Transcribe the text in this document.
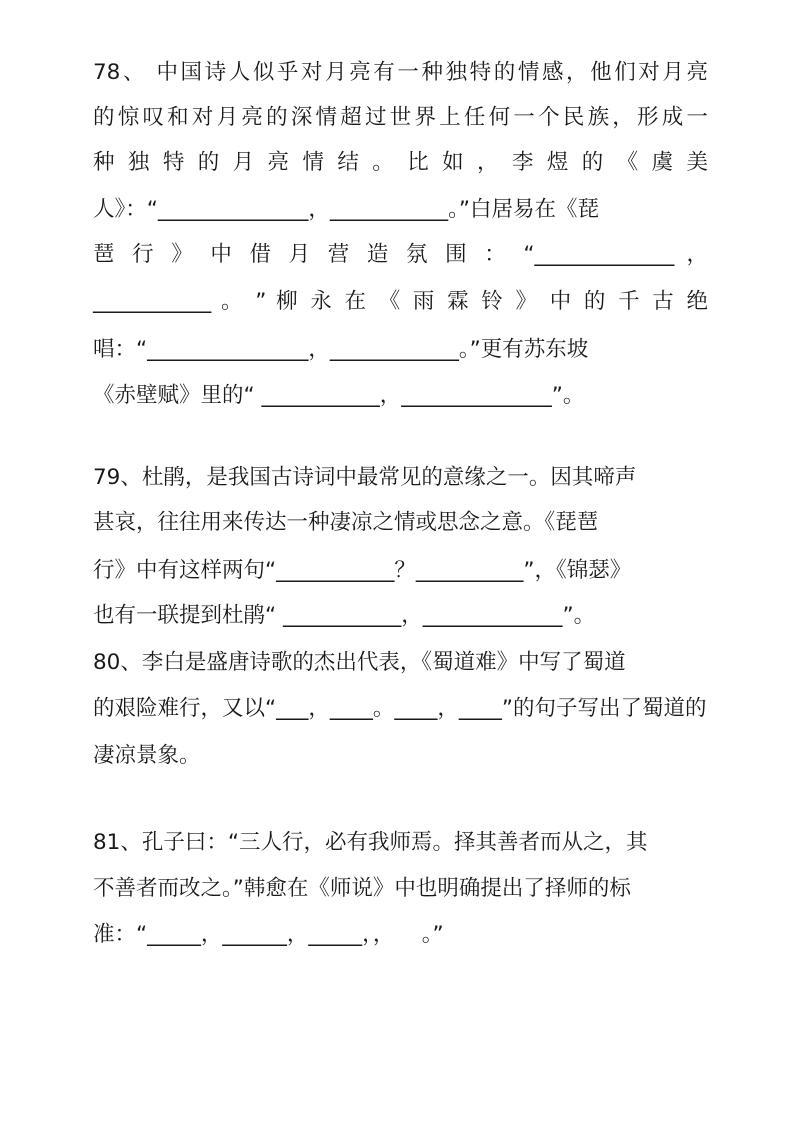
78、 中国诗人似乎对月亮有一种独特的情感，他们对月亮
的惊叹和对月亮的深情超过世界上任何一个民族，形成一
种 独 特 的 月 亮 情 结 。 比 如 ， 李 煜 的 《 虞 美
人》：“______________，___________。”白居易在《琵
琶 行 》 中 借 月 营 造 氛 围 ： “_____________ ，
___________ 。 ” 柳 永 在 《 雨 霖 铃 》 中 的 千 古 绝
唱：“_______________，____________。”更有苏东坡
《赤壁赋》里的“ ___________，______________”。
79、杜鹃，是我国古诗词中最常见的意缘之一。因其啼声
甚哀，往往用来传达一种凄凉之情或思念之意。《琵琶
行》中有这样两句“___________？__________”，《锦瑟》
也有一联提到杜鹃“ ___________，_____________”。
80、李白是盛唐诗歌的杰出代表，《蜀道难》中写了蜀道
的艰险难行，又以“___，____。____，____”的句子写出了蜀道的
凄凉景象。
81、孔子曰：“三人行，必有我师焉。择其善者而从之，其
不善者而改之。”韩愈在《师说》中也明确提出了择师的标
准：“_____，______，_____，，    。”
